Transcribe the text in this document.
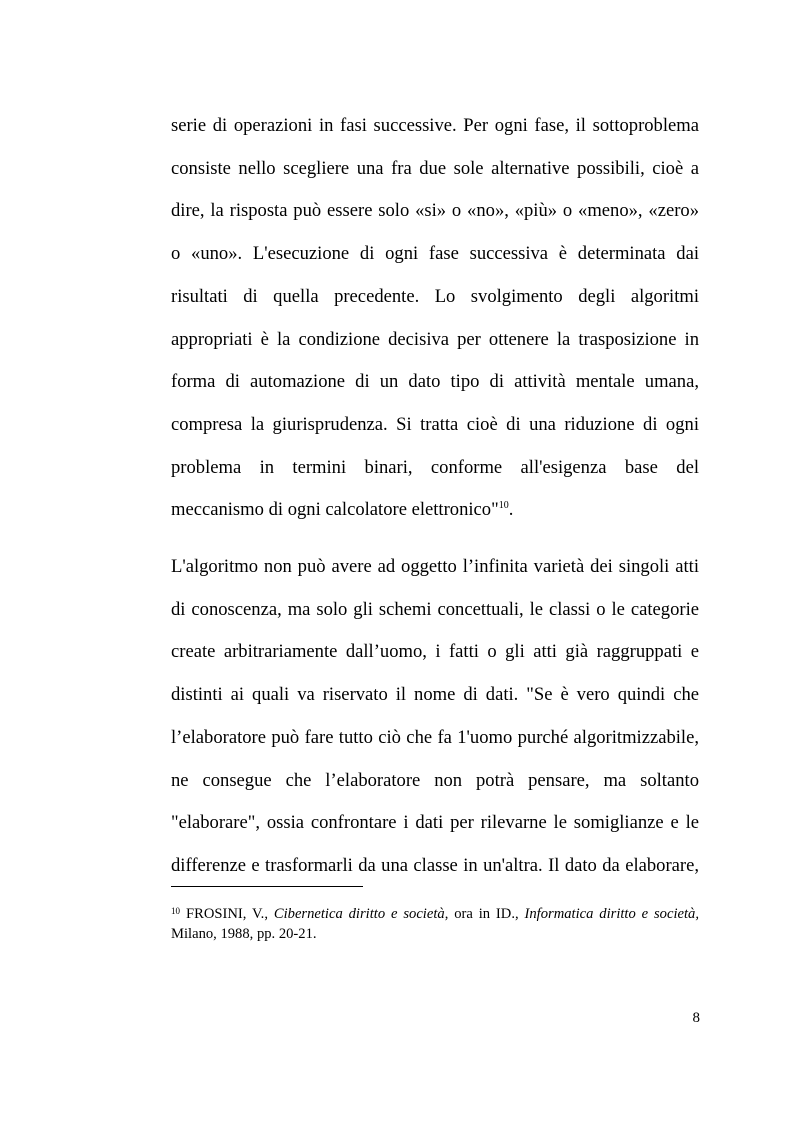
serie di operazioni in fasi successive. Per ogni fase, il sottoproblema
consiste nello scegliere una fra due sole alternative possibili, cioè a
dire, la risposta può essere solo «si» o «no», «più» o «meno», «zero»
o «uno». L'esecuzione di ogni fase successiva è determinata dai
risultati di quella precedente. Lo svolgimento degli algoritmi
appropriati è la condizione decisiva per ottenere la trasposizione in
forma di automazione di un dato tipo di attività mentale umana,
compresa la giurisprudenza. Si tratta cioè di una riduzione di ogni
problema in termini binari, conforme all'esigenza base del
meccanismo di ogni calcolatore elettronico"$^{10}$.

L'algoritmo non può avere ad oggetto l’infinita varietà dei singoli atti
di conoscenza, ma solo gli schemi concettuali, le classi o le categorie
create arbitrariamente dall’uomo, i fatti o gli atti già raggruppati e
distinti ai quali va riservato il nome di dati. "Se è vero quindi che
l’elaboratore può fare tutto ciò che fa 1'uomo purché algoritmizzabile,
ne consegue che l’elaboratore non potrà pensare, ma soltanto
"elaborare", ossia confrontare i dati per rilevarne le somiglianze e le
differenze e trasformarli da una classe in un'altra. Il dato da elaborare,

$^{10}$ FROSINI, V., Cibernetica diritto e società, ora in ID., Informatica diritto e società,
Milano, 1988, pp. 20-21.

8
